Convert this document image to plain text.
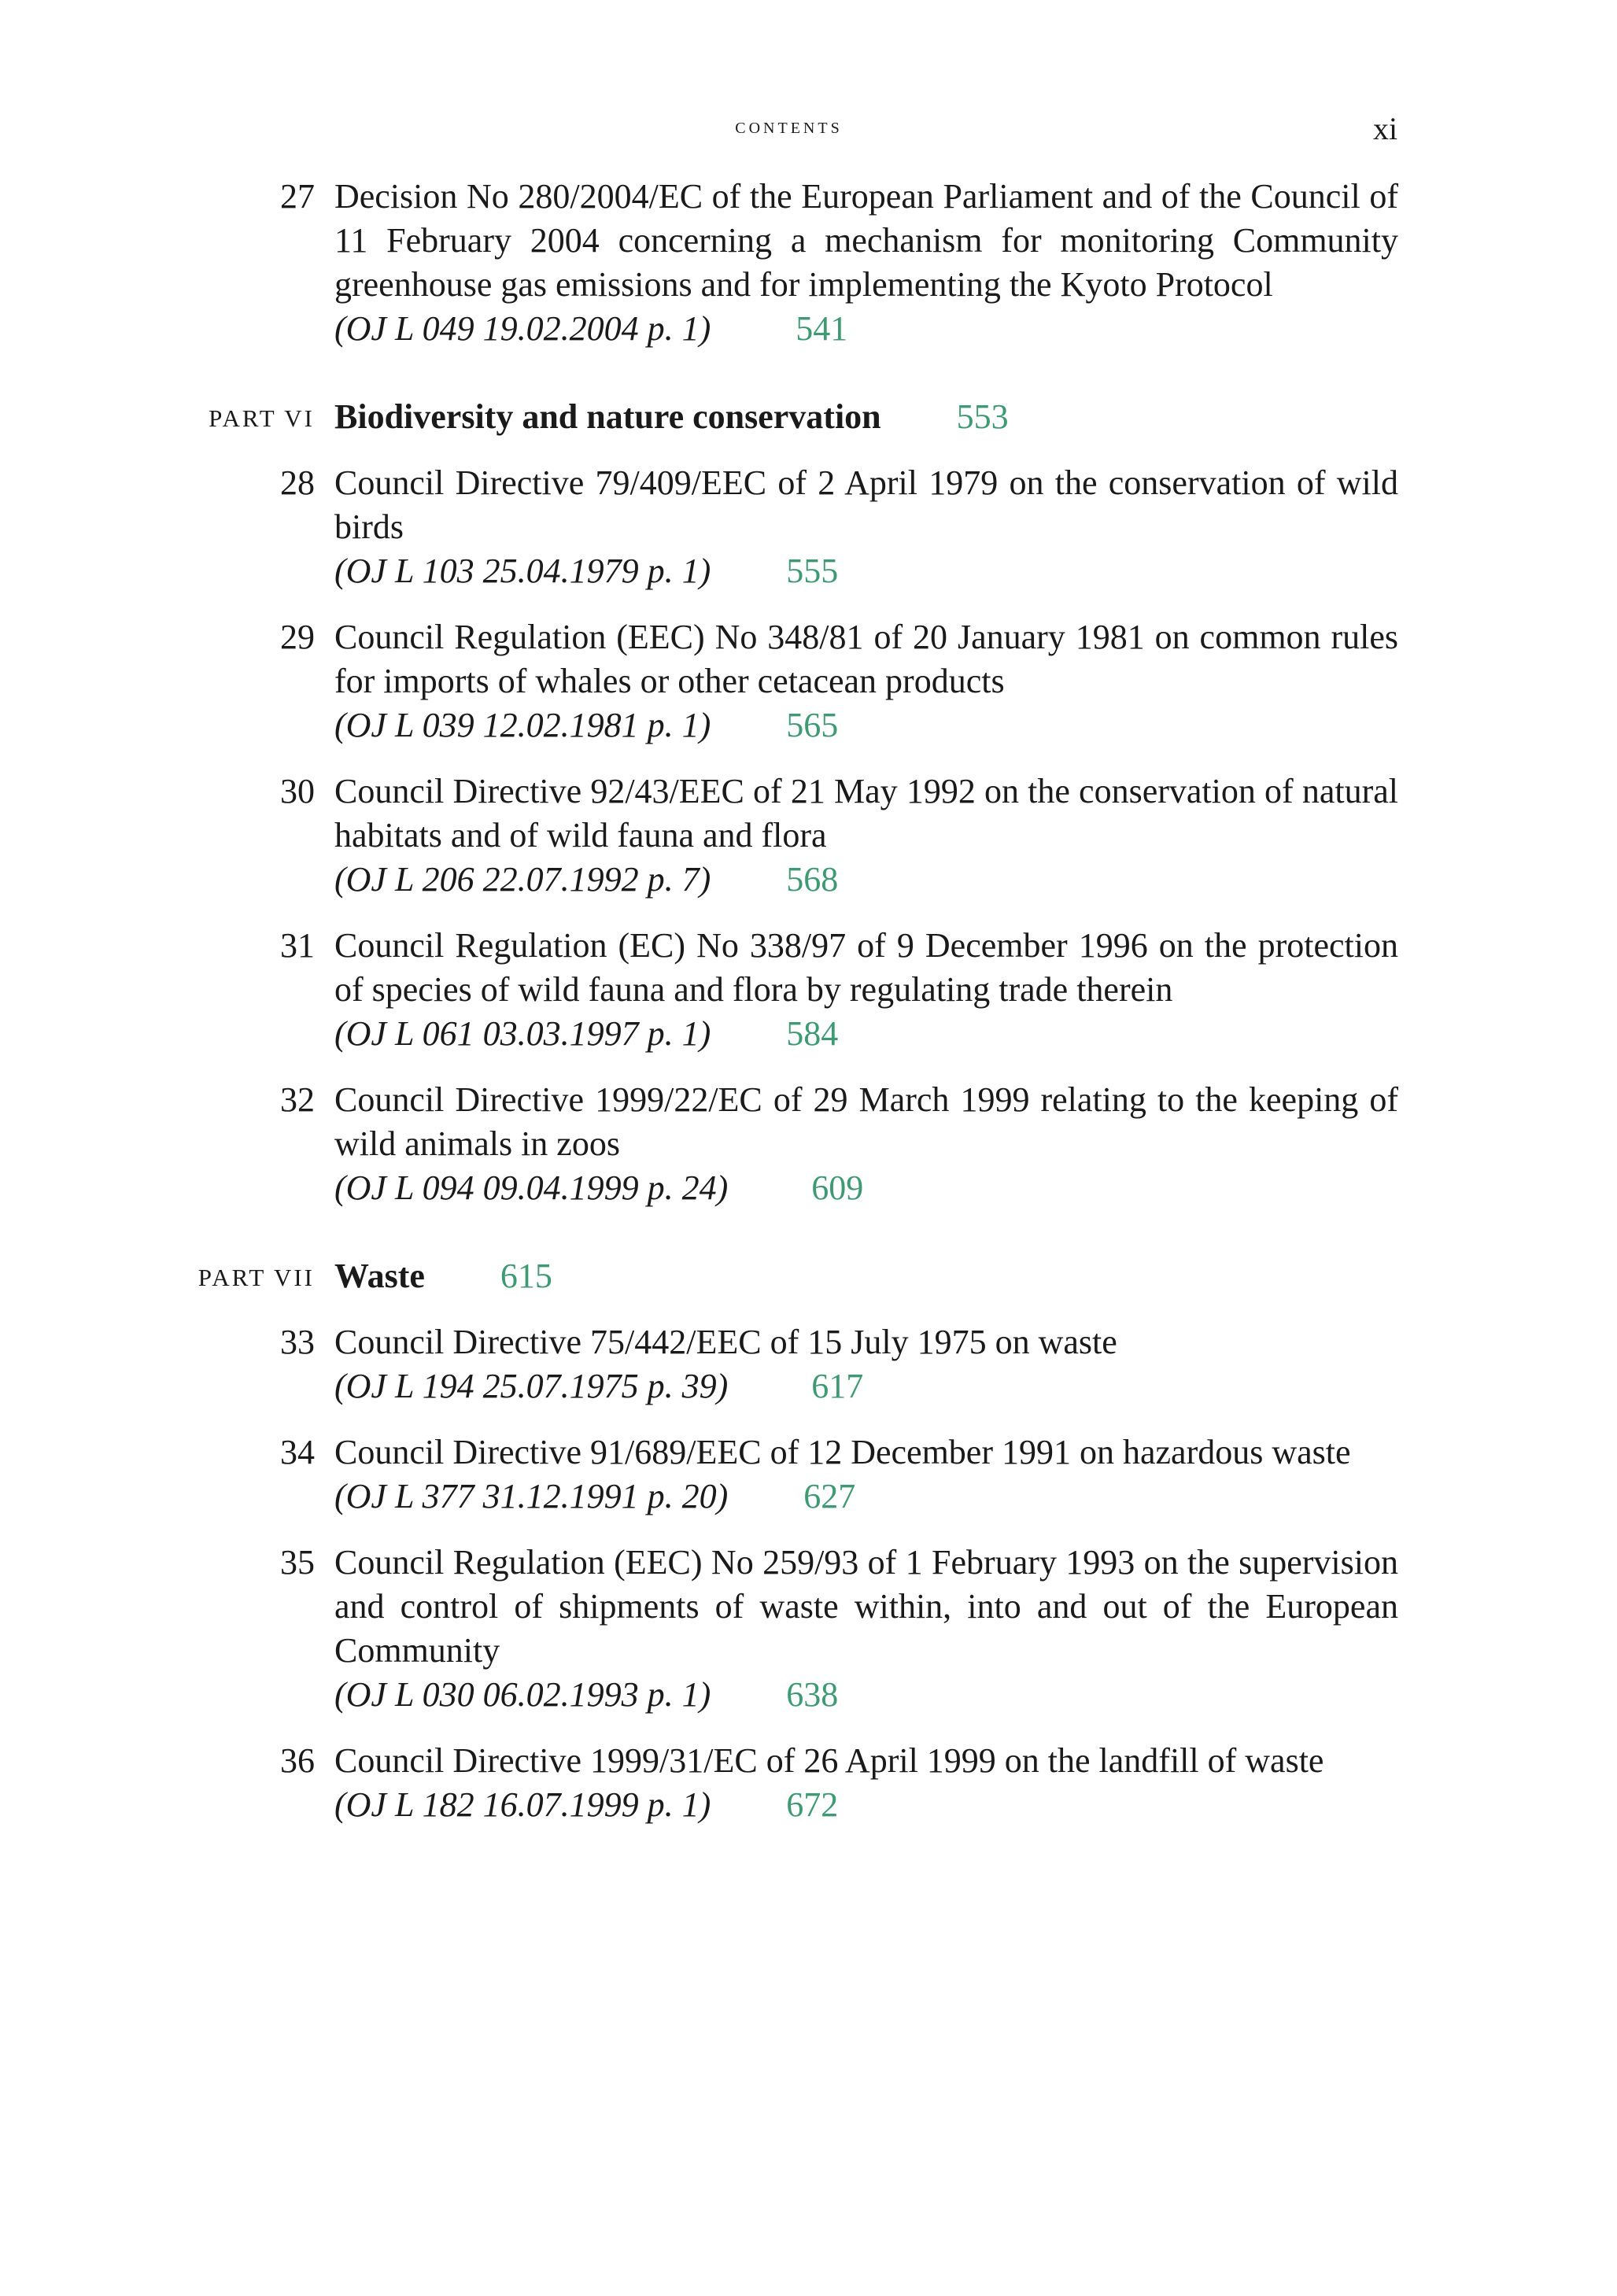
contents	xi
27 Decision No 280/2004/EC of the European Parliament and of the Council of 11 February 2004 concerning a mechanism for monitoring Community greenhouse gas emissions and for implementing the Kyoto Protocol
(OJ L 049 19.02.2004 p. 1) 541
PART VI Biodiversity and nature conservation 553
28 Council Directive 79/409/EEC of 2 April 1979 on the conservation of wild birds
(OJ L 103 25.04.1979 p. 1) 555
29 Council Regulation (EEC) No 348/81 of 20 January 1981 on common rules for imports of whales or other cetacean products
(OJ L 039 12.02.1981 p. 1) 565
30 Council Directive 92/43/EEC of 21 May 1992 on the conservation of natural habitats and of wild fauna and flora
(OJ L 206 22.07.1992 p. 7) 568
31 Council Regulation (EC) No 338/97 of 9 December 1996 on the protection of species of wild fauna and flora by regulating trade therein
(OJ L 061 03.03.1997 p. 1) 584
32 Council Directive 1999/22/EC of 29 March 1999 relating to the keeping of wild animals in zoos
(OJ L 094 09.04.1999 p. 24) 609
PART VII Waste 615
33 Council Directive 75/442/EEC of 15 July 1975 on waste
(OJ L 194 25.07.1975 p. 39) 617
34 Council Directive 91/689/EEC of 12 December 1991 on hazardous waste
(OJ L 377 31.12.1991 p. 20) 627
35 Council Regulation (EEC) No 259/93 of 1 February 1993 on the supervision and control of shipments of waste within, into and out of the European Community
(OJ L 030 06.02.1993 p. 1) 638
36 Council Directive 1999/31/EC of 26 April 1999 on the landfill of waste
(OJ L 182 16.07.1999 p. 1) 672
